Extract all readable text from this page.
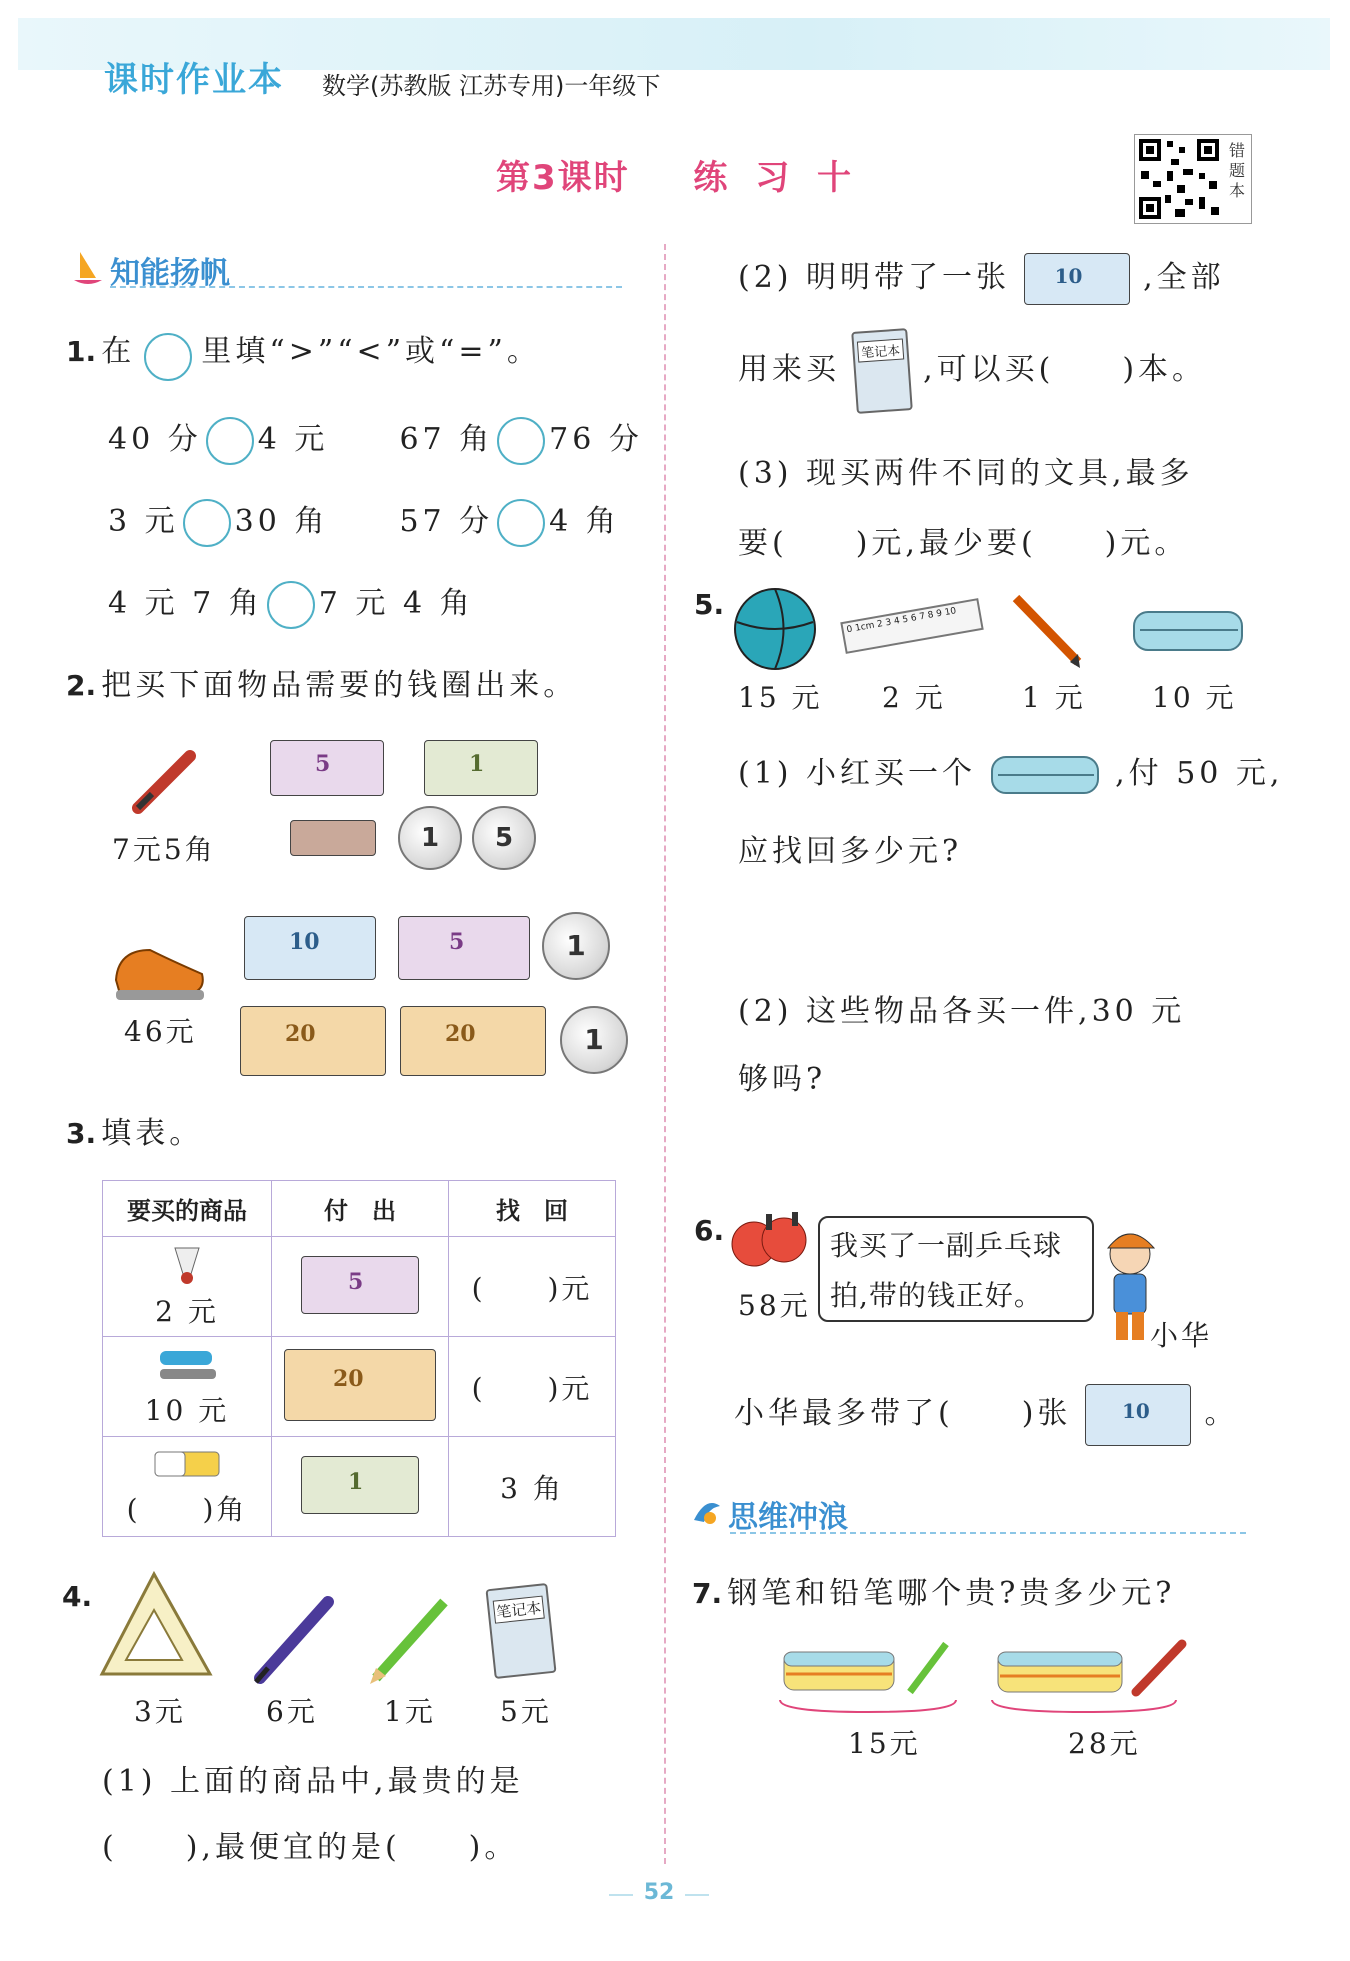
课时作业本 数学(苏教版 江苏专用)一年级下
第3课时 练 习 十
错题本
知能扬帆
1. 在 里填“>”“<”或“=”。
40 分 4 元 67 角 76 分
3 元 30 角 57 分 4 角
4 元 7 角 7 元 4 角
2. 把买下面物品需要的钱圈出来。
7元5角
5	1
1	5
46元
10	5	1
20	20	1
3. 填表。
要买的商品	付　出	找　回

2 元	5	(　　)元

10 元	20	(　　)元

(　　)角	1	3 角
4.	笔记本
3元	6元 1元 5元
(1) 上面的商品中,最贵的是
(　　),最便宜的是(　　)。
(2) 明明带了一张 10 ,全部
用来买 笔记本 ,可以买(　　)本。
(3) 现买两件不同的文具,最多
要(　　)元,最少要(　　)元。
5.	0 1cm 2 3 4 5 6 7 8 9 10
15 元 2 元	1 元 10 元
(1) 小红买一个	,付 50 元,
应找回多少元?
(2) 这些物品各买一件,30 元
够吗?
6.
58元
我买了一副乒乓球
拍,带的钱正好。
小华
小华最多带了(　　)张	10 。
思维冲浪
7. 钢笔和铅笔哪个贵?贵多少元?
15元	28元
52
